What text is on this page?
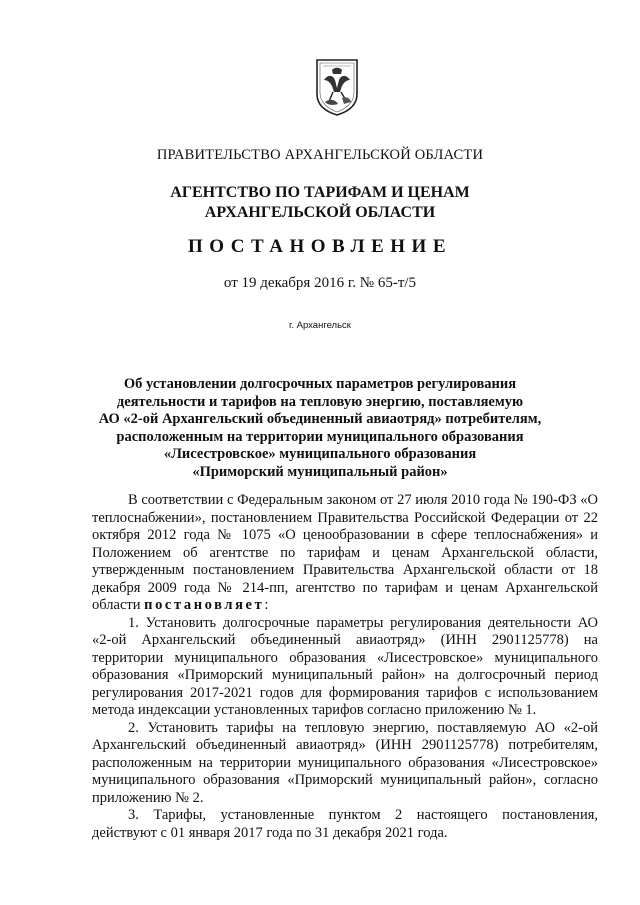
ПРАВИТЕЛЬСТВО АРХАНГЕЛЬСКОЙ ОБЛАСТИ
АГЕНТСТВО ПО ТАРИФАМ И ЦЕНАМ
АРХАНГЕЛЬСКОЙ ОБЛАСТИ
ПОСТАНОВЛЕНИЕ
от 19 декабря 2016 г. № 65-т/5
г. Архангельск
Об установлении долгосрочных параметров регулирования
деятельности и тарифов на тепловую энергию, поставляемую
АО «2-ой Архангельский объединенный авиаотряд» потребителям,
расположенным на территории муниципального образования
«Лисестровское» муниципального образования
«Приморский муниципальный район»

В соответствии с Федеральным законом от 27 июля 2010 года № 190-ФЗ «О теплоснабжении», постановлением Правительства Российской Федерации от 22 октября 2012 года № 1075 «О ценообразовании в сфере теплоснабжения» и Положением об агентстве по тарифам и ценам Архангельской области, утвержденным постановлением Правительства Архангельской области от 18 декабря 2009 года № 214-пп, агентство по тарифам и ценам Архангельской области постановляет:

1. Установить долгосрочные параметры регулирования деятельности АО «2-ой Архангельский объединенный авиаотряд» (ИНН 2901125778) на территории муниципального образования «Лисестровское» муниципального образования «Приморский муниципальный район» на долгосрочный период регулирования 2017-2021 годов для формирования тарифов с использованием метода индексации установленных тарифов согласно приложению № 1.

2. Установить тарифы на тепловую энергию, поставляемую АО «2-ой Архангельский объединенный авиаотряд» (ИНН 2901125778) потребителям, расположенным на территории муниципального образования «Лисестровское» муниципального образования «Приморский муниципальный район», согласно приложению № 2.

3. Тарифы, установленные пунктом 2 настоящего постановления, действуют с 01 января 2017 года по 31 декабря 2021 года.
